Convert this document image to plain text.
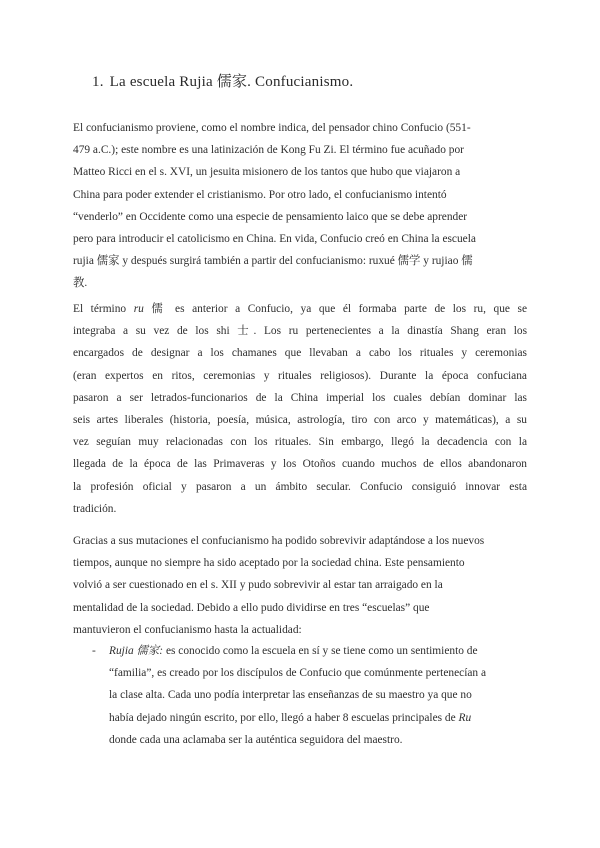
1. La escuela Rujia 儒家. Confucianismo.
El confucianismo proviene, como el nombre indica, del pensador chino Confucio (551-
479 a.C.); este nombre es una latinización de Kong Fu Zi. El término fue acuñado por
Matteo Ricci en el s. XVI, un jesuita misionero de los tantos que hubo que viajaron a
China para poder extender el cristianismo. Por otro lado, el confucianismo intentó
“venderlo” en Occidente como una especie de pensamiento laico que se debe aprender
pero para introducir el catolicismo en China. En vida, Confucio creó en China la escuela
rujia 儒家 y después surgirá también a partir del confucianismo: ruxué 儒学 y rujiao 儒
教.
El término ru 儒 es anterior a Confucio, ya que él formaba parte de los ru, que se
integraba a su vez de los shi 士. Los ru pertenecientes a la dinastía Shang eran los
encargados de designar a los chamanes que llevaban a cabo los rituales y ceremonias
(eran expertos en ritos, ceremonias y rituales religiosos). Durante la época confuciana
pasaron a ser letrados-funcionarios de la China imperial los cuales debían dominar las
seis artes liberales (historia, poesía, música, astrología, tiro con arco y matemáticas), a su
vez seguían muy relacionadas con los rituales. Sin embargo, llegó la decadencia con la
llegada de la época de las Primaveras y los Otoños cuando muchos de ellos abandonaron
la profesión oficial y pasaron a un ámbito secular. Confucio consiguió innovar esta
tradición.
Gracias a sus mutaciones el confucianismo ha podido sobrevivir adaptándose a los nuevos
tiempos, aunque no siempre ha sido aceptado por la sociedad china. Este pensamiento
volvió a ser cuestionado en el s. XII y pudo sobrevivir al estar tan arraigado en la
mentalidad de la sociedad. Debido a ello pudo dividirse en tres “escuelas” que
mantuvieron el confucianismo hasta la actualidad:
- Rujia 儒家: es conocido como la escuela en sí y se tiene como un sentimiento de
“familia”, es creado por los discípulos de Confucio que comúnmente pertenecían a
la clase alta. Cada uno podía interpretar las enseñanzas de su maestro ya que no
había dejado ningún escrito, por ello, llegó a haber 8 escuelas principales de Ru
donde cada una aclamaba ser la auténtica seguidora del maestro.
